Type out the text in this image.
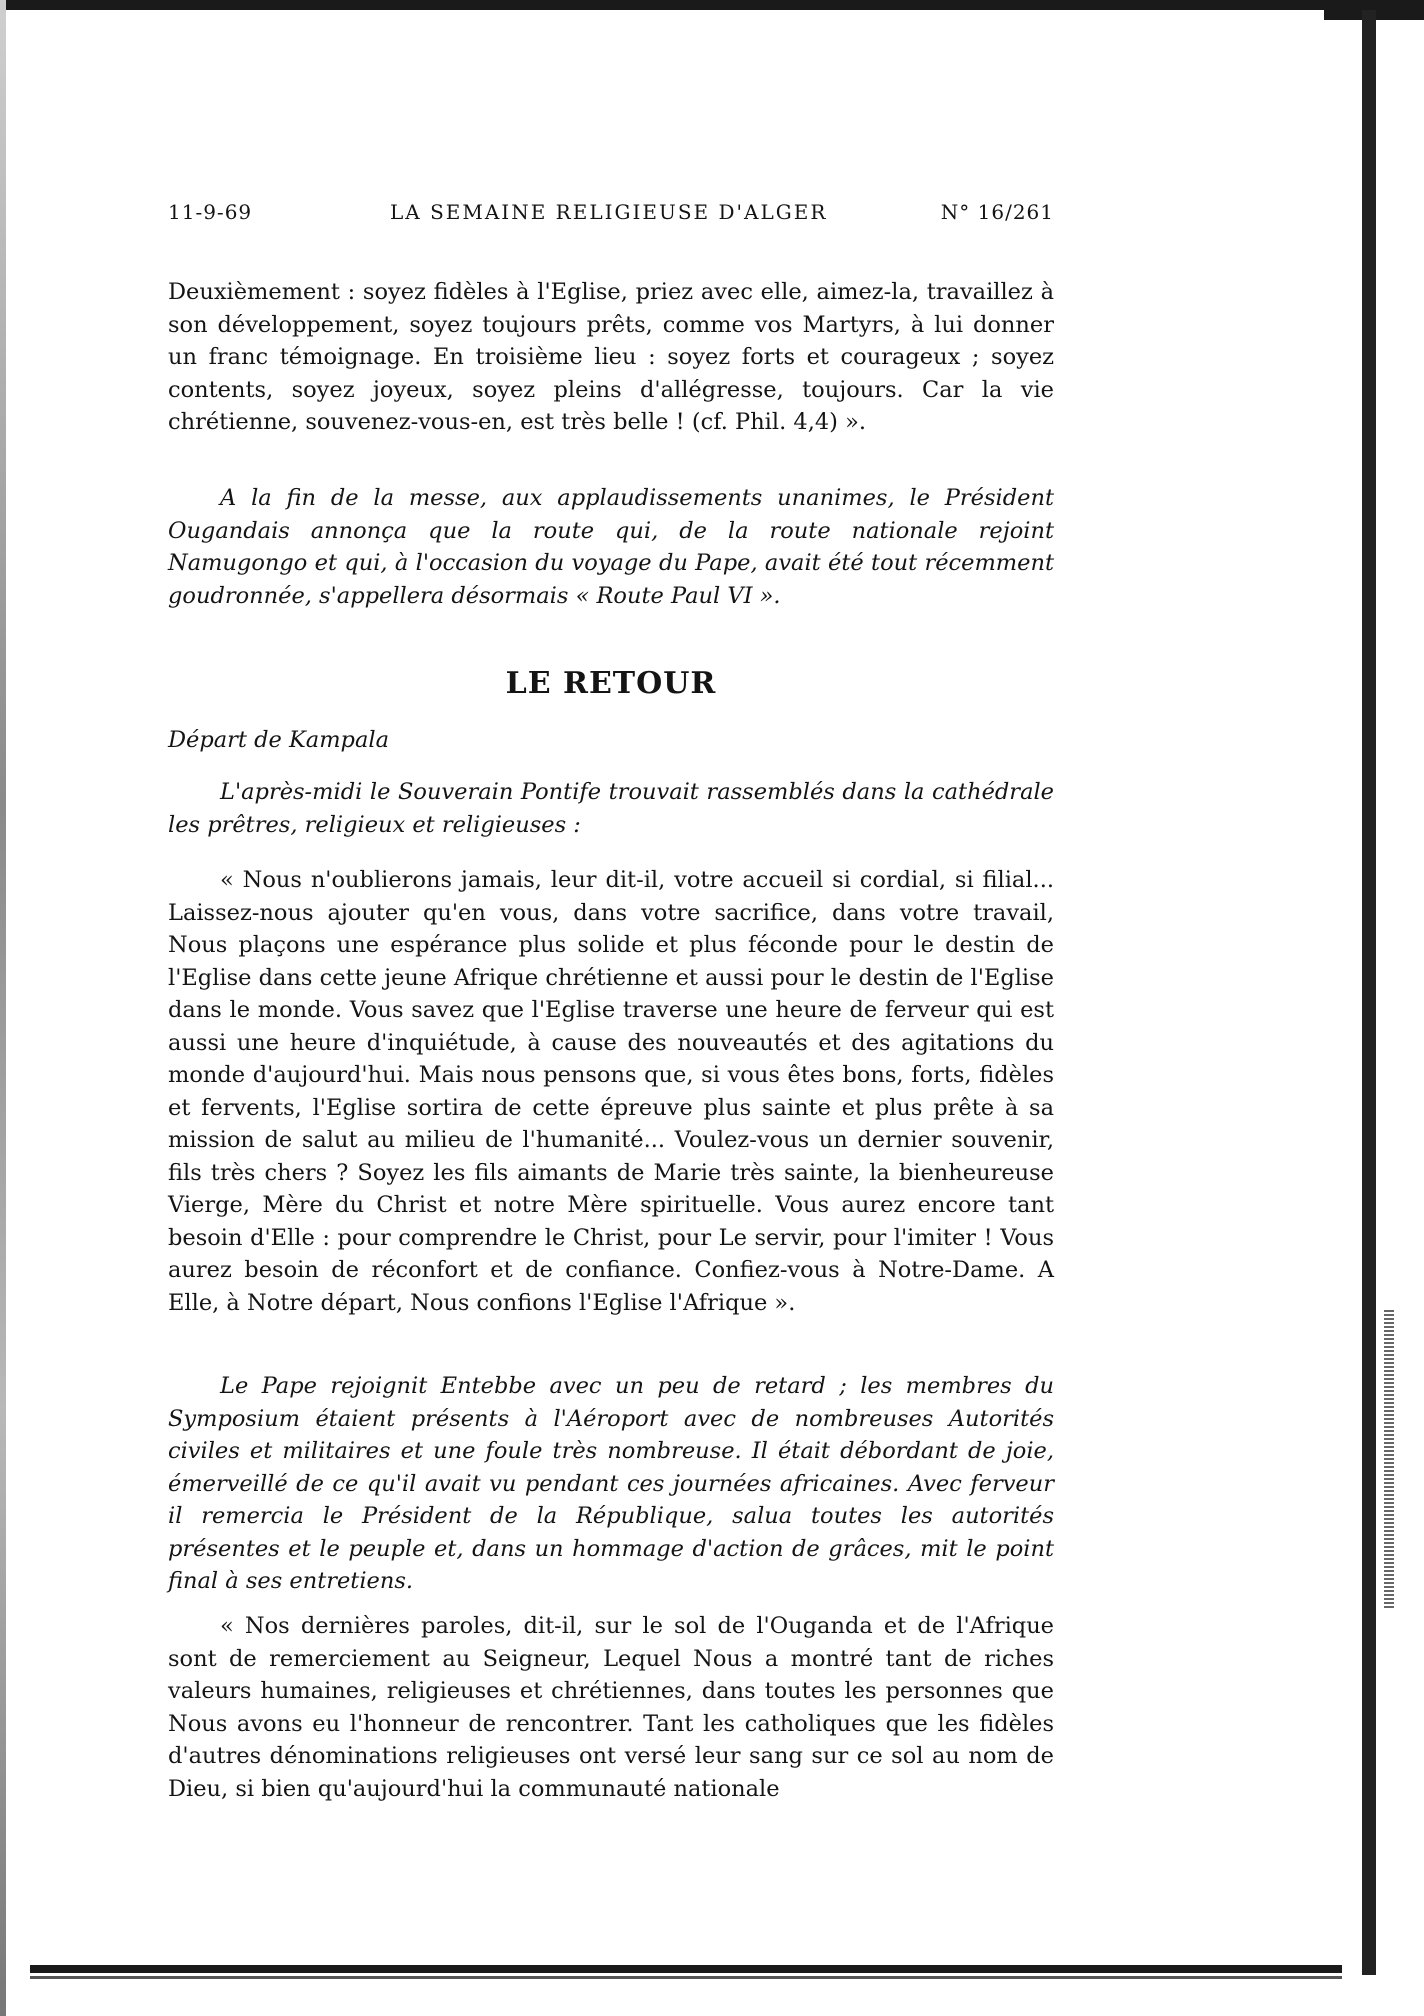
11-9-69	LA SEMAINE RELIGIEUSE D'ALGER	N° 16/261

Deuxièmement : soyez fidèles à l'Eglise, priez avec elle, aimez-la, travaillez à son développement, soyez toujours prêts, comme vos Martyrs, à lui donner un franc témoignage. En troisième lieu : soyez forts et courageux ; soyez contents, soyez joyeux, soyez pleins d'allégresse, toujours. Car la vie chrétienne, souvenez-vous-en, est très belle ! (cf. Phil. 4,4) ».

A la fin de la messe, aux applaudissements unanimes, le Président Ougandais annonça que la route qui, de la route nationale rejoint Namugongo et qui, à l'occasion du voyage du Pape, avait été tout récemment goudronnée, s'appellera désormais « Route Paul VI ».

LE RETOUR

Départ de Kampala

L'après-midi le Souverain Pontife trouvait rassemblés dans la cathédrale les prêtres, religieux et religieuses :

« Nous n'oublierons jamais, leur dit-il, votre accueil si cordial, si filial... Laissez-nous ajouter qu'en vous, dans votre sacrifice, dans votre travail, Nous plaçons une espérance plus solide et plus féconde pour le destin de l'Eglise dans cette jeune Afrique chrétienne et aussi pour le destin de l'Eglise dans le monde. Vous savez que l'Eglise traverse une heure de ferveur qui est aussi une heure d'inquiétude, à cause des nouveautés et des agitations du monde d'aujourd'hui. Mais nous pensons que, si vous êtes bons, forts, fidèles et fervents, l'Eglise sortira de cette épreuve plus sainte et plus prête à sa mission de salut au milieu de l'humanité... Voulez-vous un dernier souvenir, fils très chers ? Soyez les fils aimants de Marie très sainte, la bienheureuse Vierge, Mère du Christ et notre Mère spirituelle. Vous aurez encore tant besoin d'Elle : pour comprendre le Christ, pour Le servir, pour l'imiter ! Vous aurez besoin de réconfort et de confiance. Confiez-vous à Notre-Dame. A Elle, à Notre départ, Nous confions l'Eglise l'Afrique ».

Le Pape rejoignit Entebbe avec un peu de retard ; les membres du Symposium étaient présents à l'Aéroport avec de nombreuses Autorités civiles et militaires et une foule très nombreuse. Il était débordant de joie, émerveillé de ce qu'il avait vu pendant ces journées africaines. Avec ferveur il remercia le Président de la République, salua toutes les autorités présentes et le peuple et, dans un hommage d'action de grâces, mit le point final à ses entretiens.

« Nos dernières paroles, dit-il, sur le sol de l'Ouganda et de l'Afrique sont de remerciement au Seigneur, Lequel Nous a montré tant de riches valeurs humaines, religieuses et chrétiennes, dans toutes les personnes que Nous avons eu l'honneur de rencontrer. Tant les catholiques que les fidèles d'autres dénominations religieuses ont versé leur sang sur ce sol au nom de Dieu, si bien qu'aujourd'hui la communauté nationale
